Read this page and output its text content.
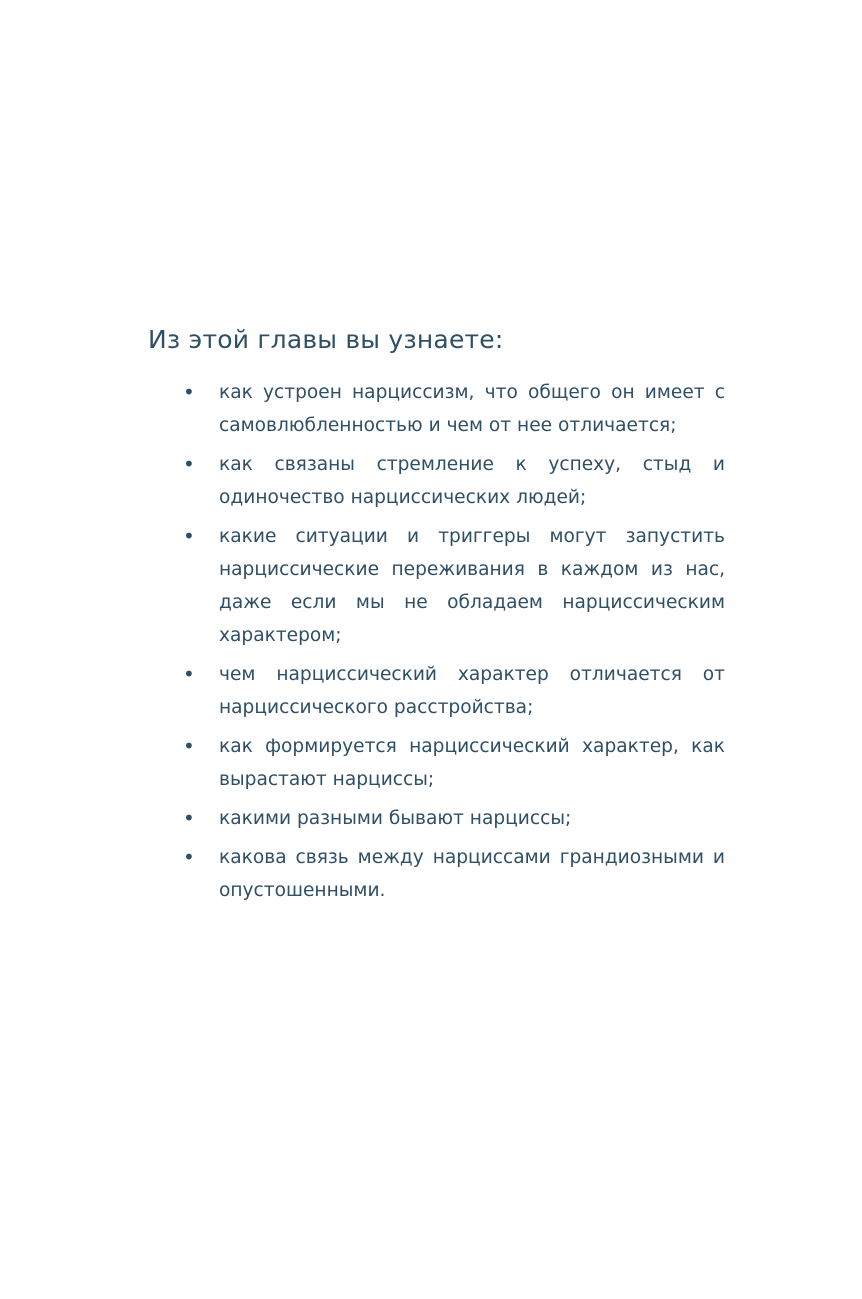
Из этой главы вы узнаете:
• как устроен нарциссизм, что общего он имеет с самовлюбленностью и чем от нее отличается;
• как связаны стремление к успеху, стыд и одиночество нарциссических людей;
• какие ситуации и триггеры могут запустить нарциссические переживания в каждом из нас, даже если мы не обладаем нарциссическим характером;
• чем нарциссический характер отличается от нарциссического расстройства;
• как формируется нарциссический характер, как вырастают нарциссы;
• какими разными бывают нарциссы;
• какова связь между нарциссами грандиозными и опустошенными.
